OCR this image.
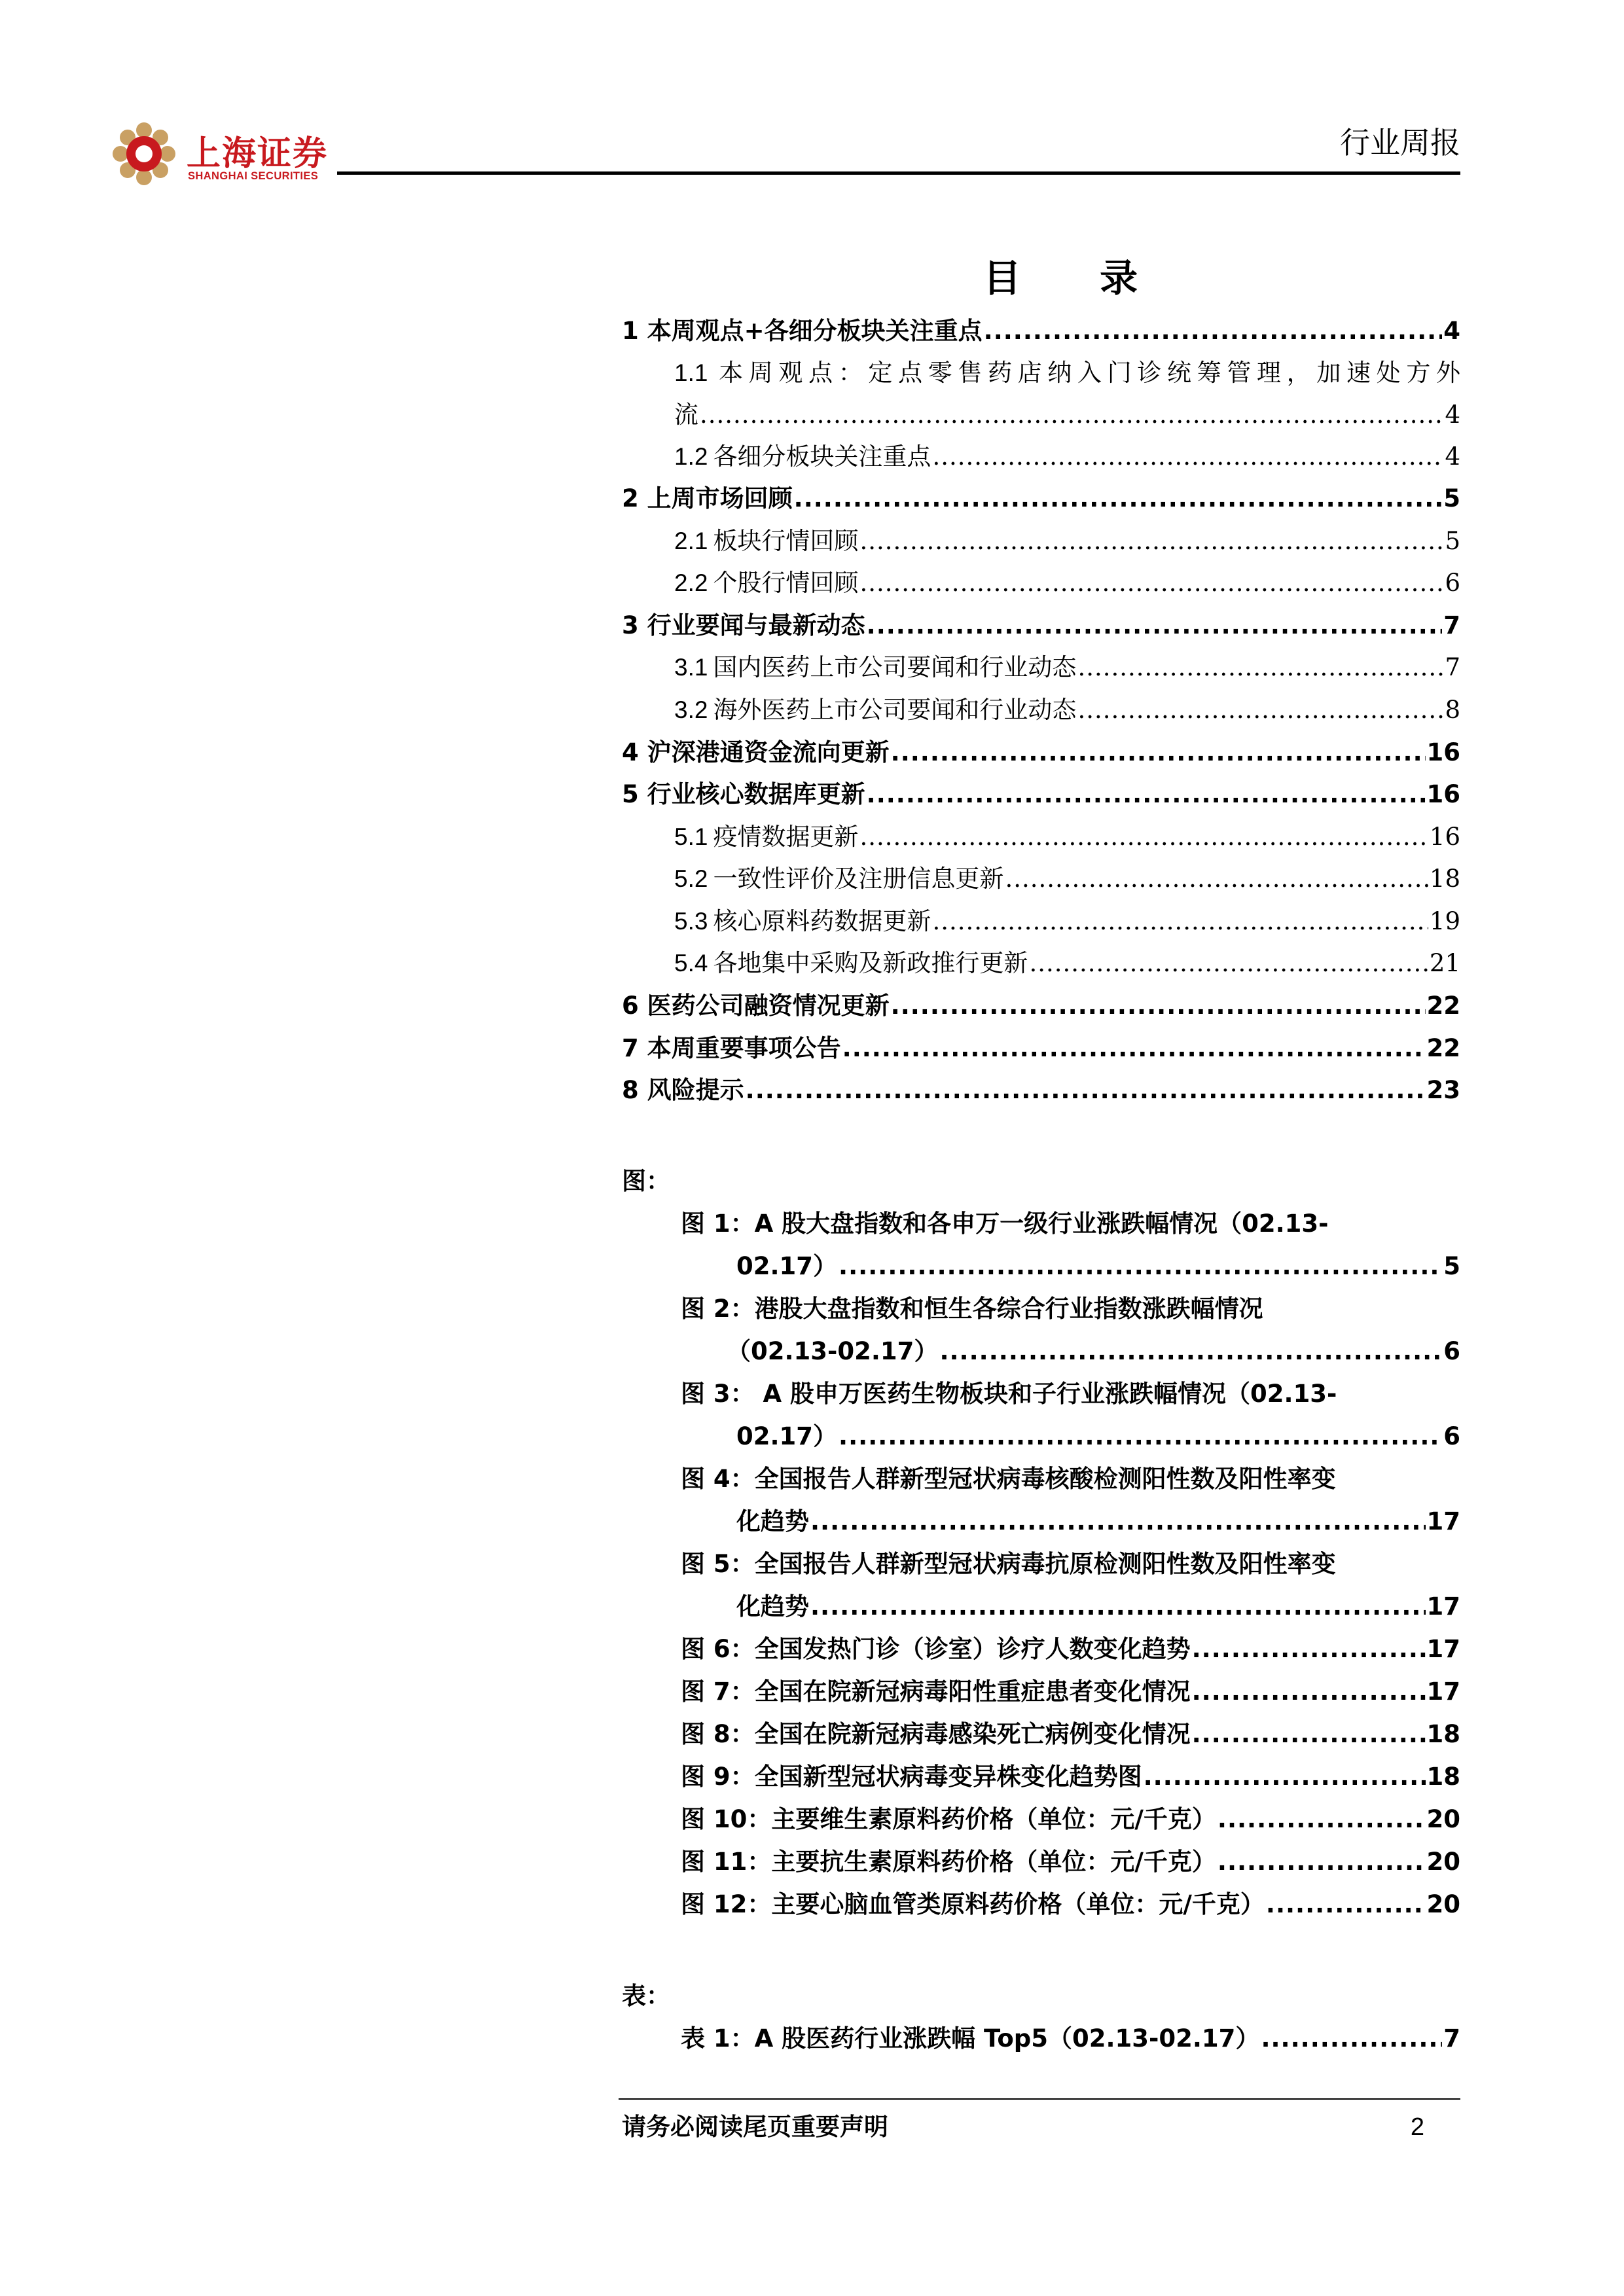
上海证券
SHANGHAI SECURITIES
行业周报
目 录
1 本周观点+各细分板块关注重点 .....	4
1.1 本周观点：定点零售药店纳入门诊统筹管理，加速处方外
流 .....	4
1.2 各细分板块关注重点 .....	4
2 上周市场回顾 .....	5
2.1 板块行情回顾 .....	5
2.2 个股行情回顾 .....	6
3 行业要闻与最新动态 .....	7
3.1 国内医药上市公司要闻和行业动态 .....	7
3.2 海外医药上市公司要闻和行业动态 .....	8
4 沪深港通资金流向更新 .....	16
5 行业核心数据库更新 .....	16
5.1 疫情数据更新 .....	16
5.2 一致性评价及注册信息更新 .....	18
5.3 核心原料药数据更新 .....	19
5.4 各地集中采购及新政推行更新 .....	21
6 医药公司融资情况更新 .....	22
7 本周重要事项公告 .....	22
8 风险提示 .....	23
图：
图 1：A 股大盘指数和各申万一级行业涨跌幅情况（02.13-
02.17） .....	5
图 2：港股大盘指数和恒生各综合行业指数涨跌幅情况
（02.13-02.17） .....	6
图 3： A 股申万医药生物板块和子行业涨跌幅情况（02.13-
02.17） .....	6
图 4：全国报告人群新型冠状病毒核酸检测阳性数及阳性率变
化趋势 .....	17
图 5：全国报告人群新型冠状病毒抗原检测阳性数及阳性率变
化趋势 .....	17
图 6：全国发热门诊（诊室）诊疗人数变化趋势 .....	17
图 7：全国在院新冠病毒阳性重症患者变化情况 .....	17
图 8：全国在院新冠病毒感染死亡病例变化情况 .....	18
图 9：全国新型冠状病毒变异株变化趋势图 .....	18
图 10：主要维生素原料药价格（单位：元/千克） .....	20
图 11：主要抗生素原料药价格（单位：元/千克） .....	20
图 12：主要心脑血管类原料药价格（单位：元/千克） .....	20
表：
表 1：A 股医药行业涨跌幅 Top5（02.13-02.17） .....	7
请务必阅读尾页重要声明	2
